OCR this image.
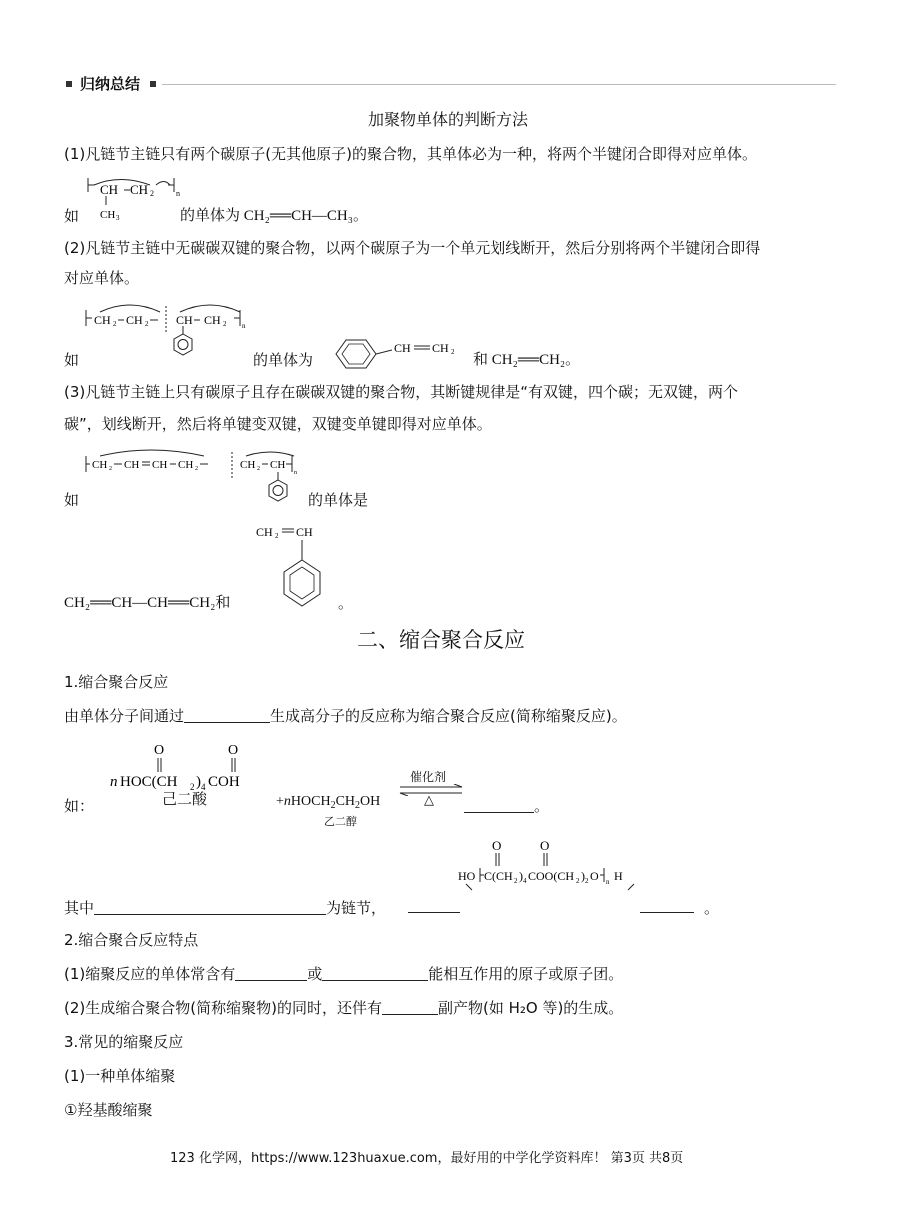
归纳总结
加聚物单体的判断方法
(1)凡链节主链只有两个碳原子(无其他原子)的聚合物，其单体必为一种，将两个半键闭合即得对应单体。
CH CH 2	n
CH 3
如	的单体为 CH₂══CH—CH₃。
(2)凡链节主链中无碳碳双键的聚合物，以两个碳原子为一个单元划线断开，然后分别将两个半键闭合即得
对应单体。
CH 2 CH 2 CH CH 2 n
如	的单体为
CH CH 2 和 CH₂══CH₂。
(3)凡链节主链上只有碳原子且存在碳碳双键的聚合物，其断键规律是“有双键，四个碳；无双键，两个
碳”，划线断开，然后将单键变双键，双键变单键即得对应单体。
CH 2 CH CH CH 2	CH 2 CH
n
如	的单体是
CH₂══CH—CH══CH₂和
CH 2 CH
。
二、缩合聚合反应
1.缩合聚合反应
由单体分子间通过	生成高分子的反应称为缩合聚合反应(简称缩聚反应)。
O	O
n HOC(CH 2 ) 4 COH
己二酸
如：	$+nHOCH_2CH_2OH$
乙二醇
催化剂
△	。
O	O
HO C(CH 2 ) 4 COO(CH 2 ) 2 O n H
其中	为链节，	。
2.缩合聚合反应特点
(1)缩聚反应的单体常含有	或	能相互作用的原子或原子团。
(2)生成缩合聚合物(简称缩聚物)的同时，还伴有	副产物(如 H₂O 等)的生成。
3.常见的缩聚反应
(1)一种单体缩聚
①羟基酸缩聚
123 化学网，https://www.123huaxue.com，最好用的中学化学资料库！ 第3页 共8页
